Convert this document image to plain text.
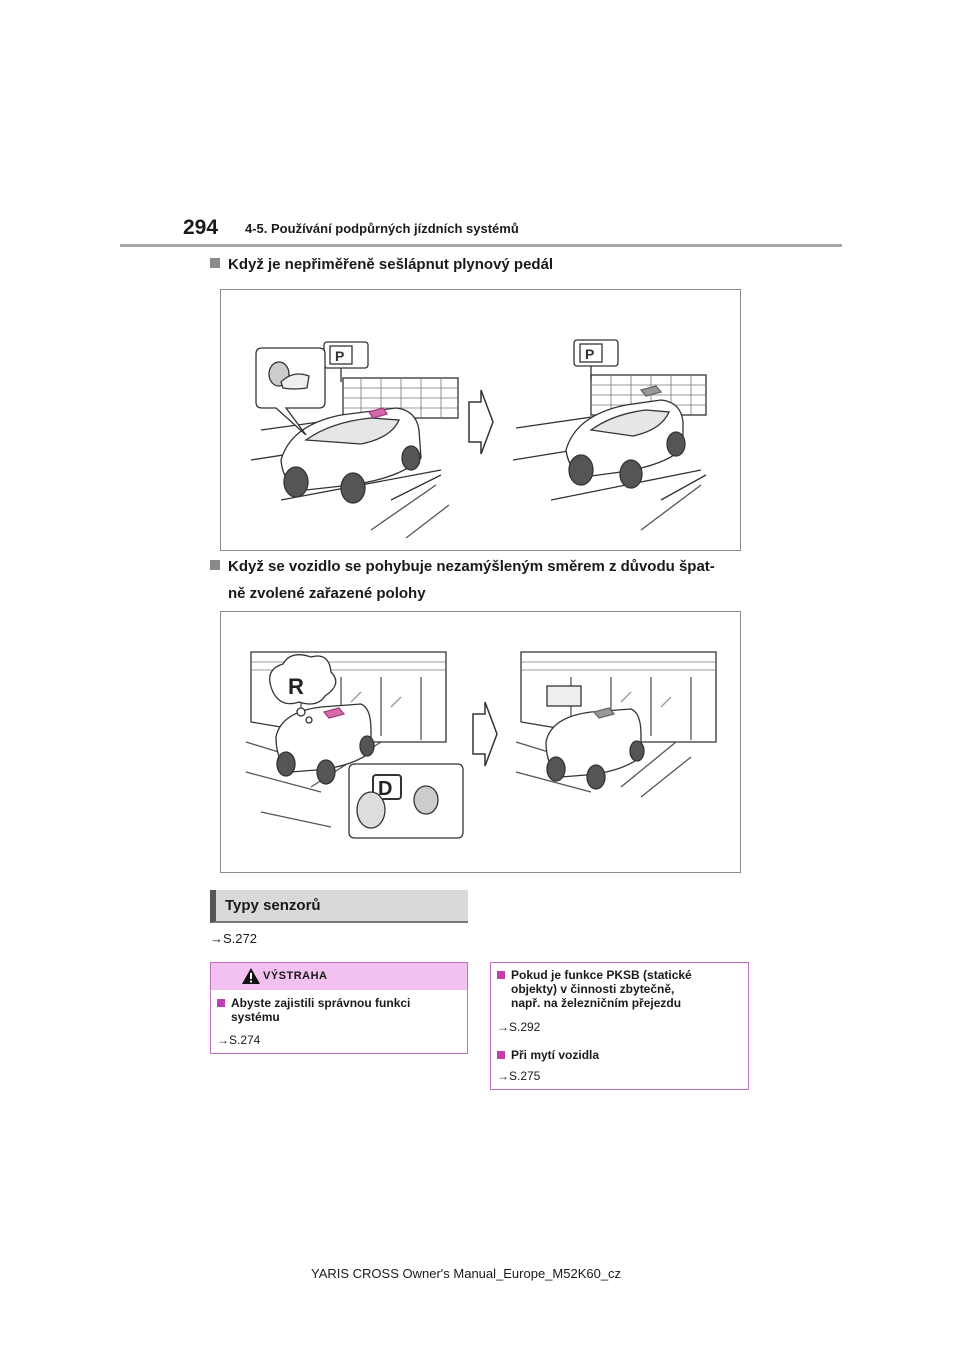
294 4-5. Používání podpůrných jízdních systémů
Když je nepřiměřeně sešlápnut plynový pedál
P	P
Když se vozidlo se pohybuje nezamýšleným směrem z důvodu špat-
ně zvolené zařazené polohy
R
D
Typy senzorů
→S.272
VÝSTRAHA
Abyste zajistili správnou funkci
systému
→S.274
Pokud je funkce PKSB (statické
objekty) v činnosti zbytečně,
např. na železničním přejezdu
→S.292
Při mytí vozidla
→S.275
YARIS CROSS Owner's Manual_Europe_M52K60_cz
